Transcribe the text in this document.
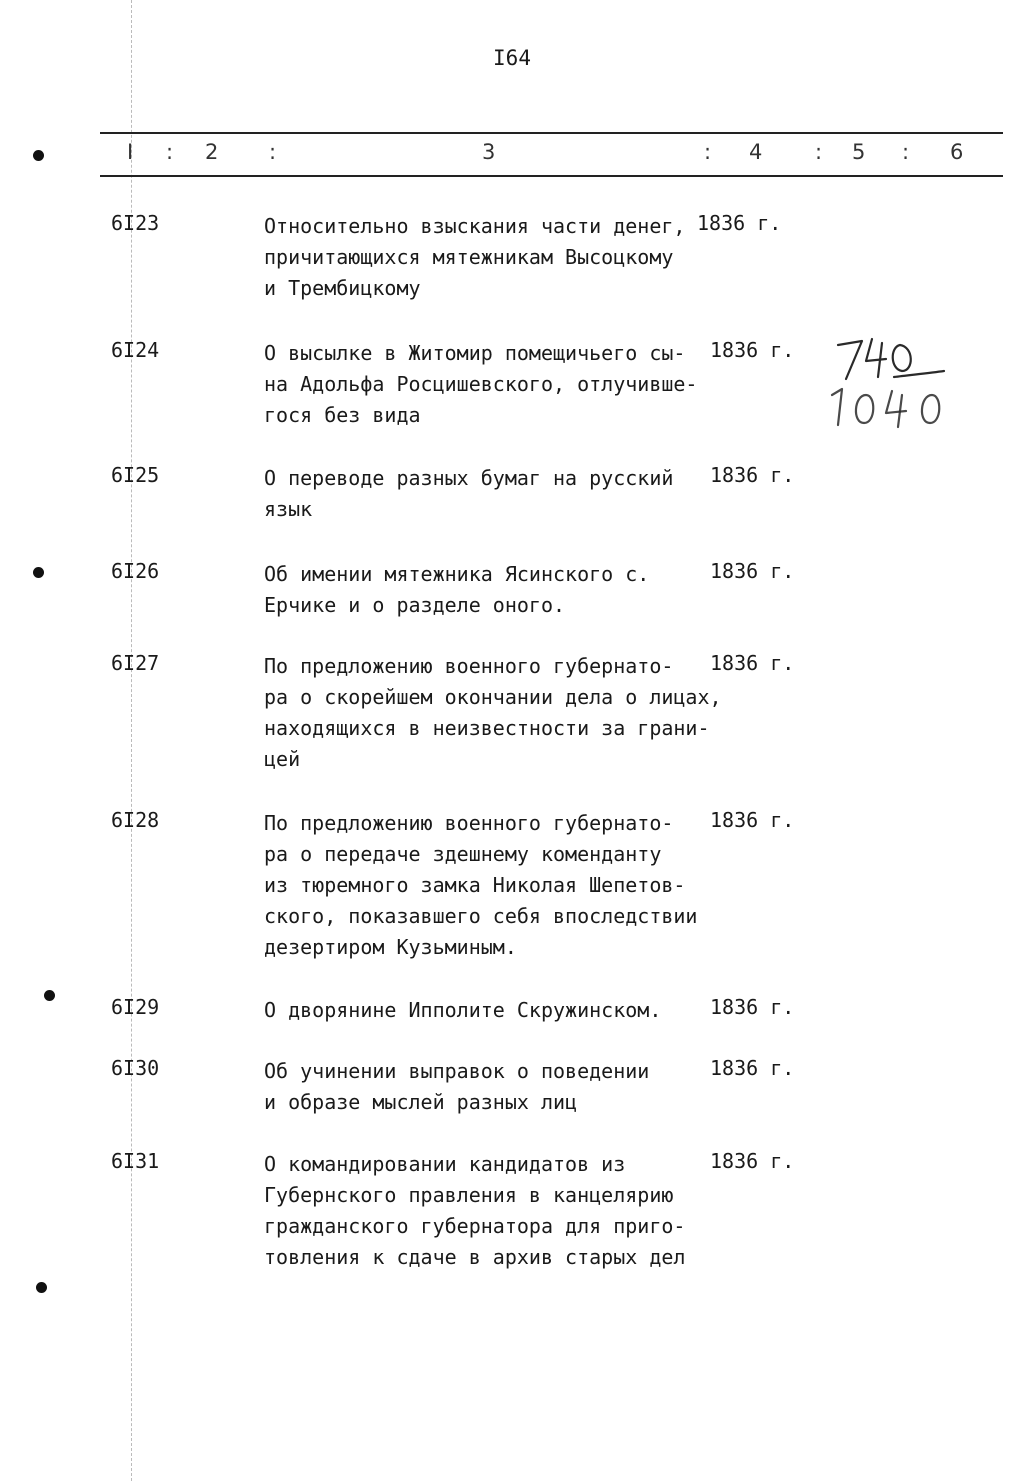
I64
I : 2 :	3	: 4	: 5 : 6
6I23	Относительно взыскания части денег,
причитающихся мятежникам Высоцкому
и Трембицкому
1836 г.
6I24	О высылке в Житомир помещичьего сы-
на Адольфа Росцишевского, отлучивше-
гося без вида
1836 г.
6I25	О переводе разных бумаг на русский
язык
1836 г.
6I26	Об имении мятежника Ясинского с.
Ерчике и о разделе оного.
1836 г.
6I27	По предложению военного губернато-
ра о скорейшем окончании дела о лицах,
находящихся в неизвестности за грани-
цей
1836 г.
6I28	По предложению военного губернато-
ра о передаче здешнему коменданту
из тюремного замка Николая Шепетов-
ского, показавшего себя впоследствии
дезертиром Кузьминым.
1836 г.
6I29	О дворянине Ипполите Скружинском.	1836 г.
6I30	Об учинении выправок о поведении
и образе мыслей разных лиц
1836 г.
6I31	О командировании кандидатов из
Губернского правления в канцелярию
гражданского губернатора для приго-
товления к сдаче в архив старых дел
1836 г.
